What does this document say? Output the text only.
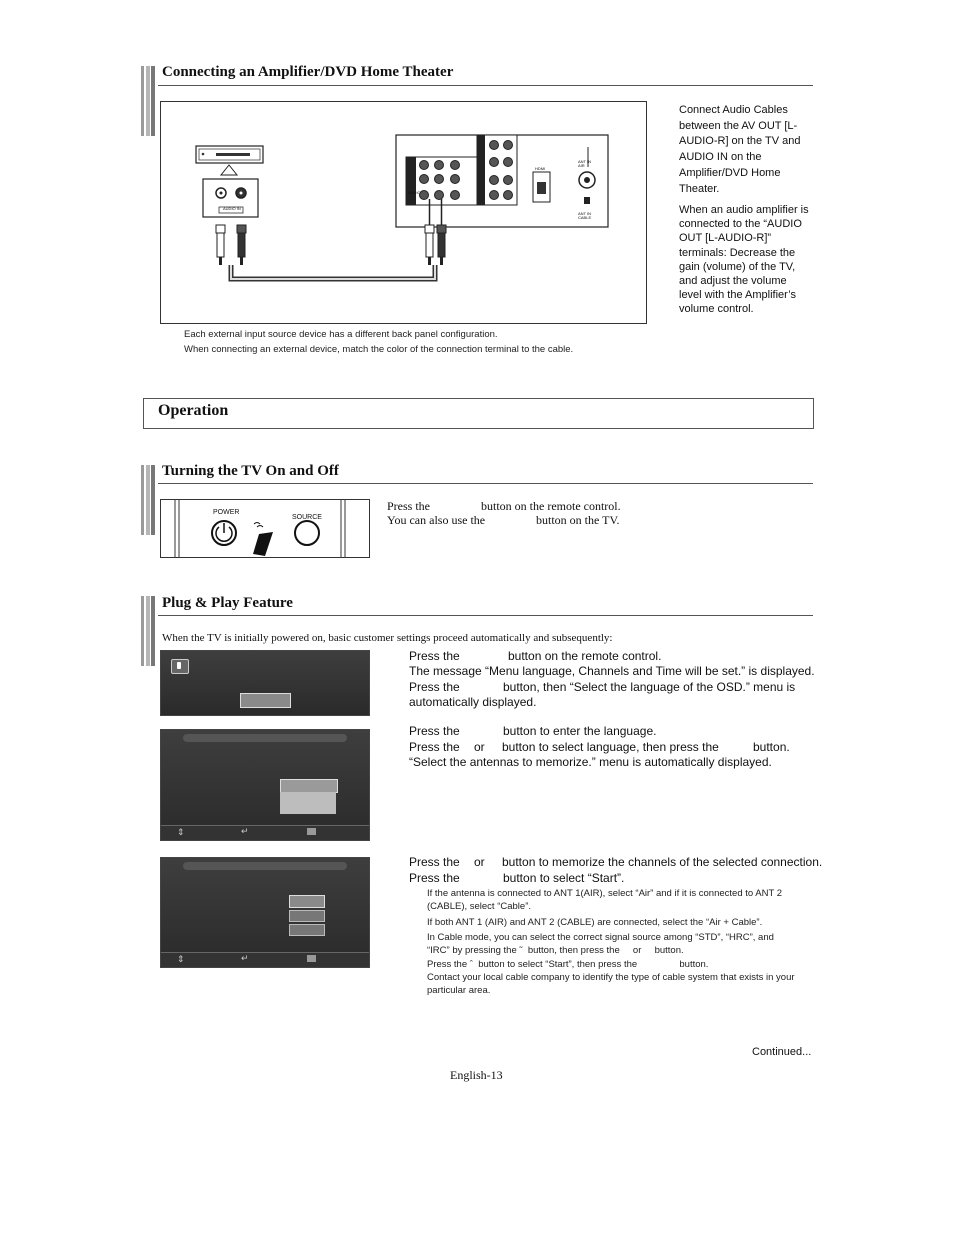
Connecting an Amplifier/DVD Home Theater
AUDIO IN
HDMI
AUDIO
ANT IN AIR
ANT IN CABLE
Connect Audio Cables between the AV OUT [L-AUDIO-R] on the TV and AUDIO IN on the Amplifier/DVD Home Theater.
When an audio amplifier is connected to the “AUDIO OUT [L-AUDIO-R]” terminals: Decrease the gain (volume) of the TV, and adjust the volume level with the Amplifier’s volume control.
Each external input source device has a different back panel configuration.
When connecting an external device, match the color of the connection terminal to the cable.
Operation
Turning the TV On and Off
POWER
SOURCE
Press the	button on the remote control.
You can also use the	button on the TV.
Plug & Play Feature
When the TV is initially powered on, basic customer settings proceed automatically and subsequently:
Press the	button on the remote control.
The message “Menu language, Channels and Time will be set.” is displayed.
Press the	button, then “Select the language of the OSD.” menu is
automatically displayed.
⇕	↵
Press the	button to enter the language.
Press the or button to select language, then press the	button.
“Select the antennas to memorize.” menu is automatically displayed.
⇕	↵
Press the or button to memorize the channels of the selected connection.
Press the	button to select “Start”.
If the antenna is connected to ANT 1(AIR), select “Air” and if it is connected to ANT 2 (CABLE), select “Cable”.
If both ANT 1 (AIR) and ANT 2 (CABLE) are connected, select the “Air + Cable”.
In Cable mode, you can select the correct signal source among “STD”, “HRC”, and
“IRC” by pressing the ˜  button, then press the     or     button.
Press the ˆ  button to select “Start”, then press the                button.
Contact your local cable company to identify the type of cable system that exists in your particular area.
Continued...
English-13
